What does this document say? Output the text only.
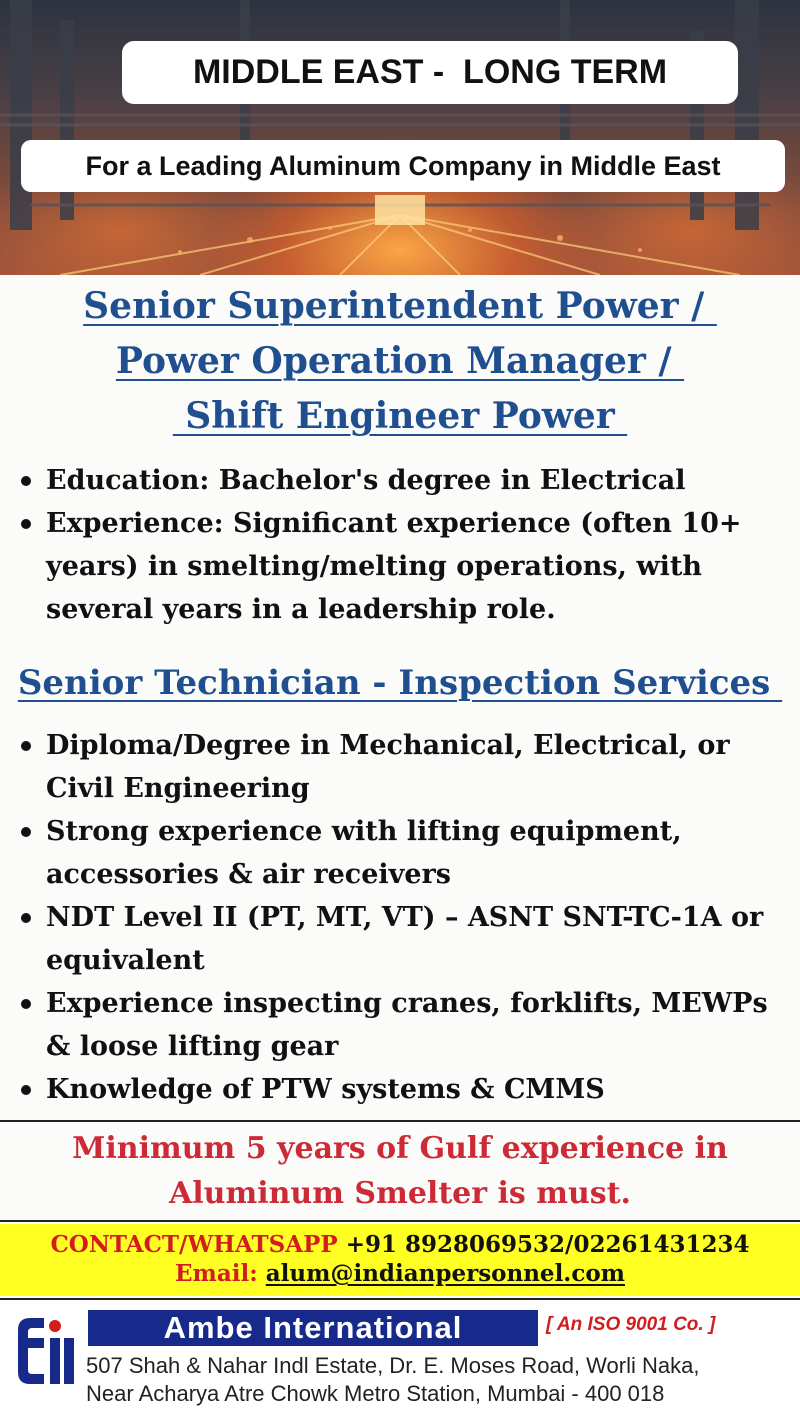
MIDDLE EAST -  LONG TERM
For a Leading Aluminum Company in Middle East
Senior Superintendent Power /
Power Operation Manager /
Shift Engineer Power
Education: Bachelor's degree in Electrical
Experience: Significant experience (often 10+ years) in smelting/melting operations, with several years in a leadership role.
Senior Technician - Inspection Services
Diploma/Degree in Mechanical, Electrical, or Civil Engineering
Strong experience with lifting equipment, accessories & air receivers
NDT Level II (PT, MT, VT) – ASNT SNT-TC-1A or equivalent
Experience inspecting cranes, forklifts, MEWPs & loose lifting gear
Knowledge of PTW systems & CMMS
Minimum 5 years of Gulf experience in
Aluminum Smelter is must.
CONTACT/WHATSAPP +91 8928069532/02261431234
Email: alum@indianpersonnel.com
Ambe International	[ An ISO 9001 Co. ]
507 Shah & Nahar Indl Estate, Dr. E. Moses Road, Worli Naka,
Near Acharya Atre Chowk Metro Station, Mumbai - 400 018
